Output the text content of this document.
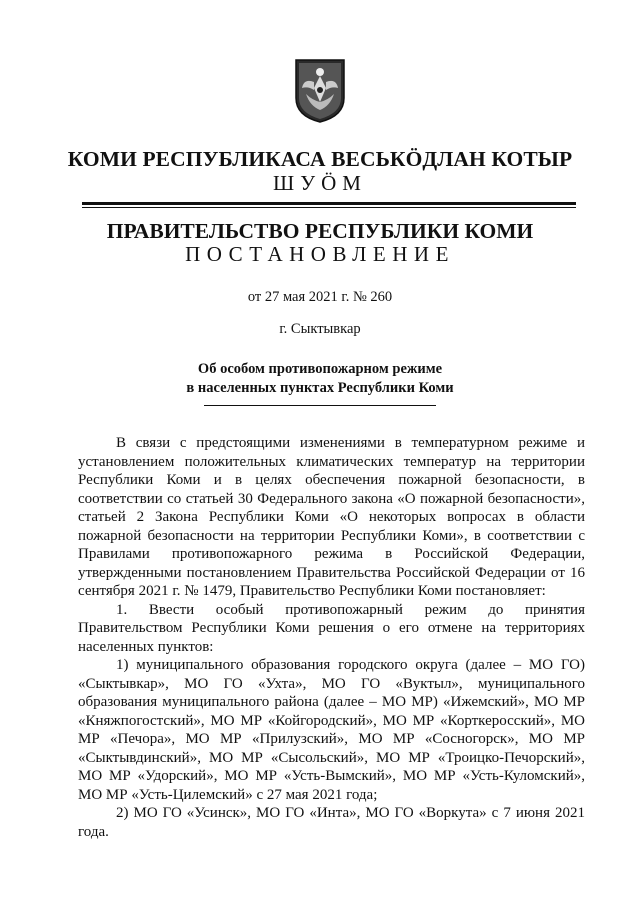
КОМИ РЕСПУБЛИКАСА ВЕСЬКӦДЛАН КОТЫР
ШУӦМ
ПРАВИТЕЛЬСТВО РЕСПУБЛИКИ КОМИ
ПОСТАНОВЛЕНИЕ
от 27 мая 2021 г. № 260
г. Сыктывкар
Об особом противопожарном режиме
в населенных пунктах Республики Коми

В связи с предстоящими изменениями в температурном режиме и установлением положительных климатических температур на территории Республики Коми и в целях обеспечения пожарной безопасности, в соответствии со статьей 30 Федерального закона «О пожарной безопасности», статьей 2 Закона Республики Коми «О некоторых вопросах в области пожарной безопасности на территории Республики Коми», в соответствии с Правилами противопожарного режима в Российской Федерации, утвержденными постановлением Правительства Российской Федерации от 16 сентября 2021 г. № 1479, Правительство Республики Коми постановляет:

1. Ввести особый противопожарный режим до принятия Правительством Республики Коми решения о его отмене на территориях населенных пунктов:

1) муниципального образования городского округа (далее – МО ГО) «Сыктывкар», МО ГО «Ухта», МО ГО «Вуктыл», муниципального образования муниципального района (далее – МО МР) «Ижемский», МО МР «Княжпогостский», МО МР «Койгородский», МО МР «Корткеросский», МО МР «Печора», МО МР «Прилузский», МО МР «Сосногорск», МО МР «Сыктывдинский», МО МР «Сысольский», МО МР «Троицко-Печорский», МО МР «Удорский», МО МР «Усть-Вымский», МО МР «Усть-Куломский», МО МР «Усть-Цилемский» с 27 мая 2021 года;

2) МО ГО «Усинск», МО ГО «Инта», МО ГО «Воркута» с 7 июня 2021 года.
